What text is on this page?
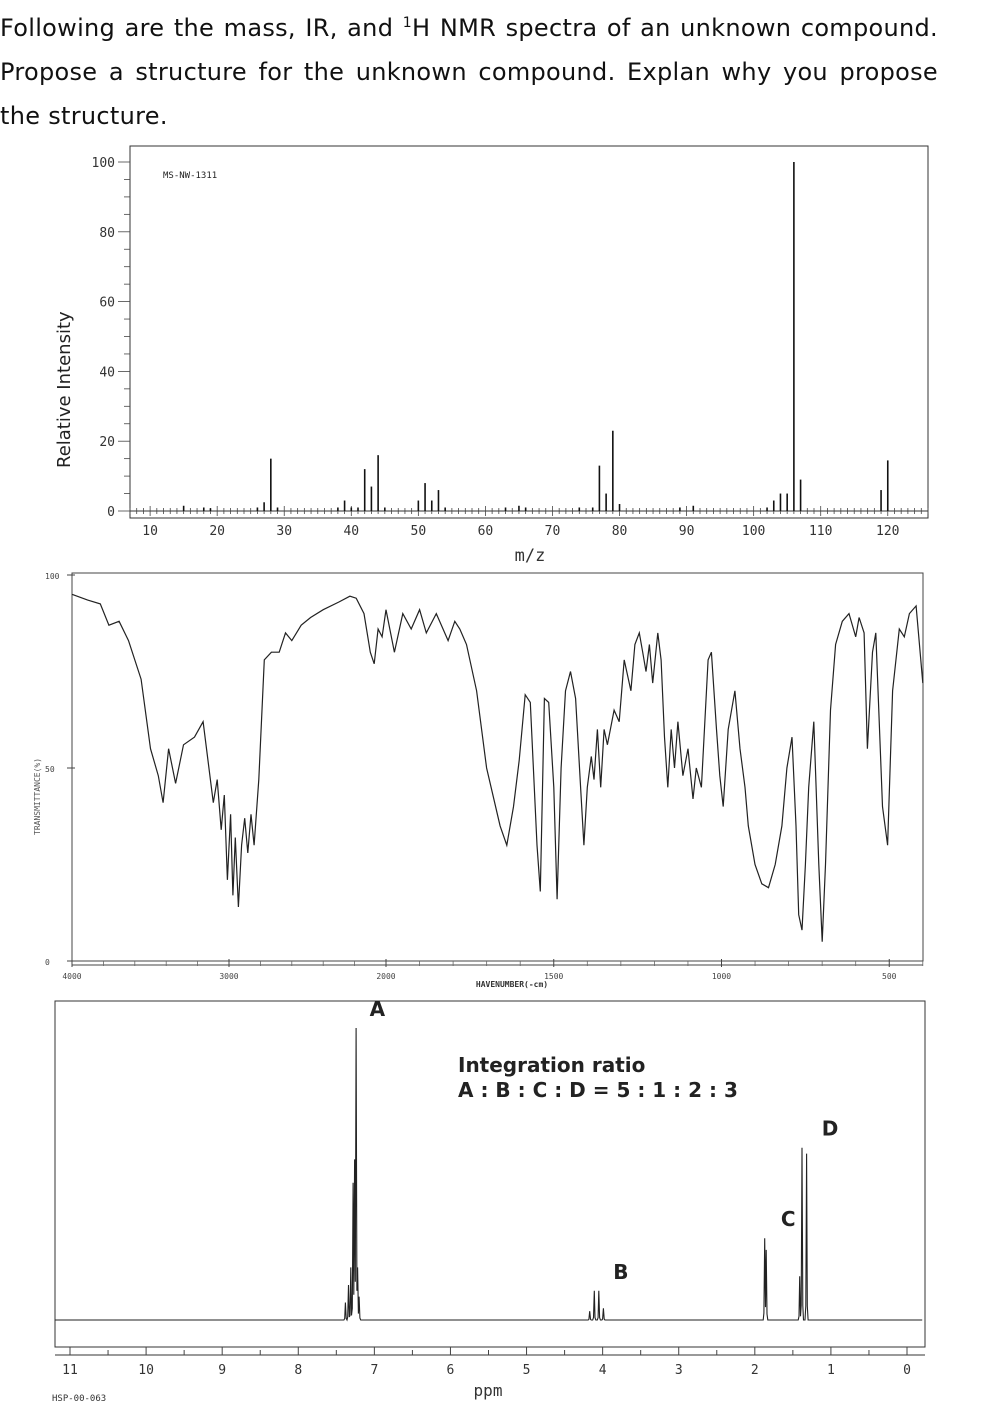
Following are the mass, IR, and $^1$H NMR spectra of an unknown compound. Propose a structure for the unknown compound. Explan why you propose the structure.
MS-NW-1311
Relative Intensity
m/z
10	20	30	40	50	60	70	80	90	100	110	120
0
20
40
60
80
100
TRANSMITTANCE(%)
HAVENUMBER(-cm)
4000	3000	2000	1500	1000	500
0
50
100
Integration ratio
A : B : C : D = 5 : 1 : 2 : 3
ppm
HSP-00-063
11	10	9	8	7	6	5	4	3	2	1	0
A
B
C
D
